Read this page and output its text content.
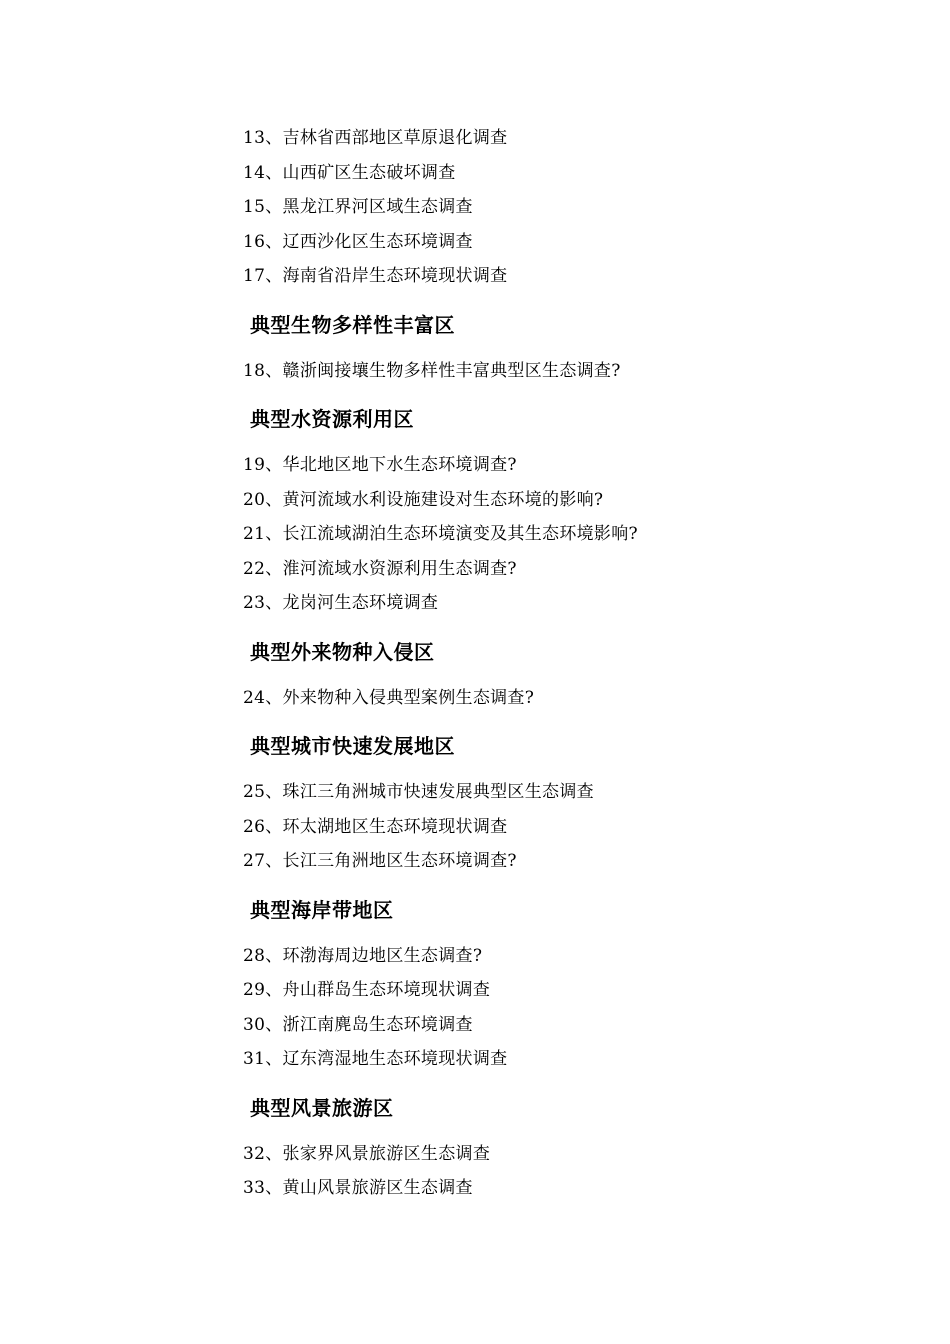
13、吉林省西部地区草原退化调查
14、山西矿区生态破坏调查
15、黑龙江界河区域生态调查
16、辽西沙化区生态环境调查
17、海南省沿岸生态环境现状调查
典型生物多样性丰富区
18、赣浙闽接壤生物多样性丰富典型区生态调查?
典型水资源利用区
19、华北地区地下水生态环境调查?
20、黄河流域水利设施建设对生态环境的影响?
21、长江流域湖泊生态环境演变及其生态环境影响?
22、淮河流域水资源利用生态调查?
23、龙岗河生态环境调查
典型外来物种入侵区
24、外来物种入侵典型案例生态调查?
典型城市快速发展地区
25、珠江三角洲城市快速发展典型区生态调查
26、环太湖地区生态环境现状调查
27、长江三角洲地区生态环境调查?
典型海岸带地区
28、环渤海周边地区生态调查?
29、舟山群岛生态环境现状调查
30、浙江南麂岛生态环境调查
31、辽东湾湿地生态环境现状调查
典型风景旅游区
32、张家界风景旅游区生态调查
33、黄山风景旅游区生态调查
